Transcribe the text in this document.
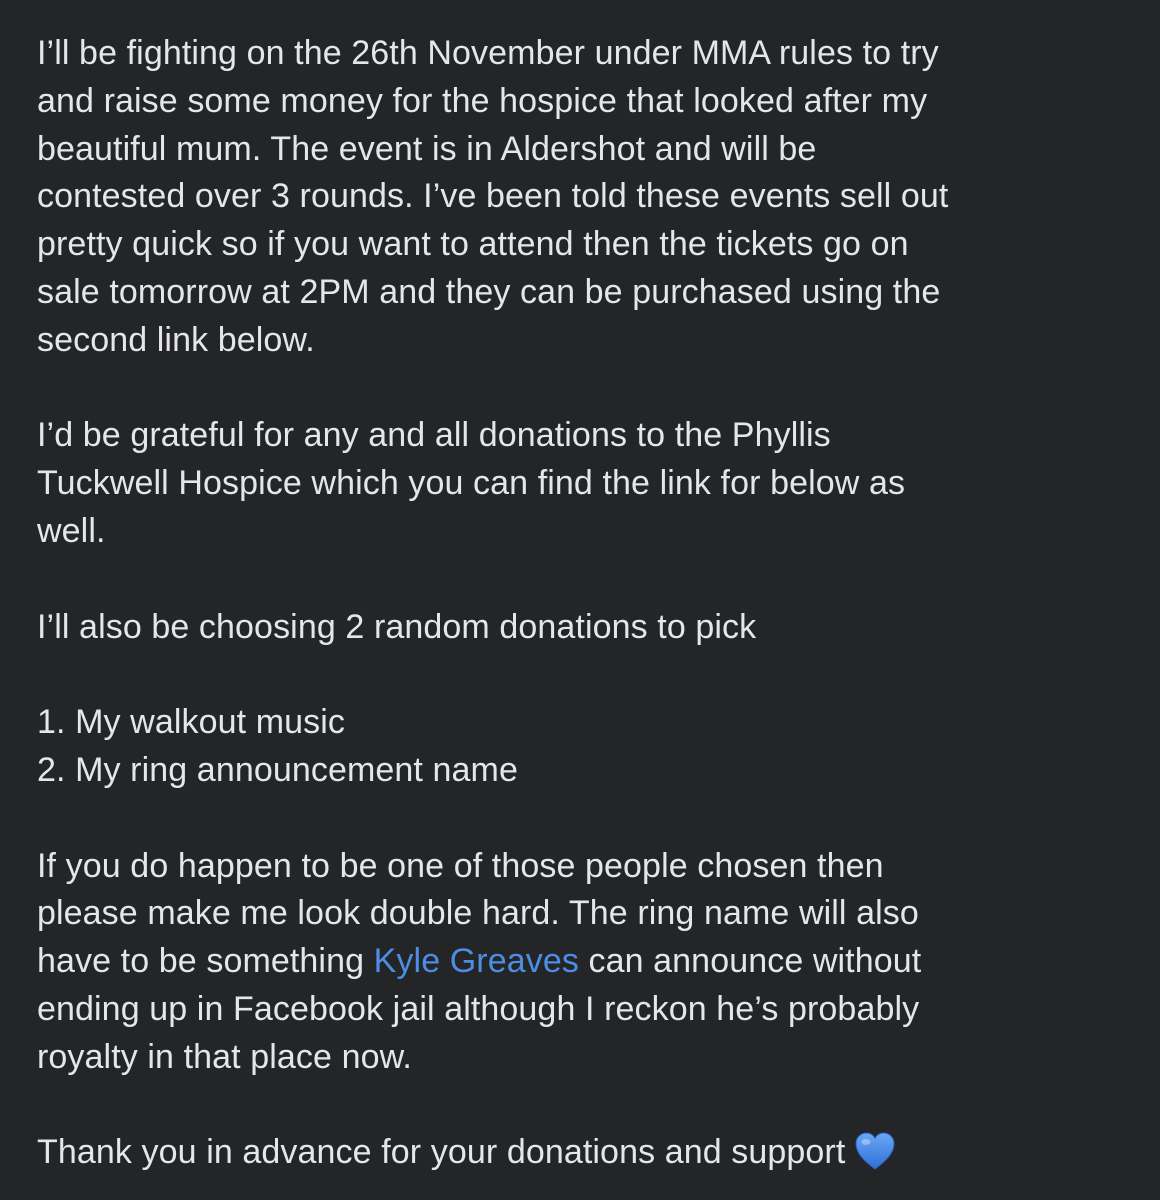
I’ll be fighting on the 26th November under MMA rules to try
and raise some money for the hospice that looked after my
beautiful mum. The event is in Aldershot and will be
contested over 3 rounds. I’ve been told these events sell out
pretty quick so if you want to attend then the tickets go on
sale tomorrow at 2PM and they can be purchased using the
second link below.

I’d be grateful for any and all donations to the Phyllis
Tuckwell Hospice which you can find the link for below as
well.

I’ll also be choosing 2 random donations to pick

1. My walkout music
2. My ring announcement name

If you do happen to be one of those people chosen then
please make me look double hard. The ring name will also
have to be something Kyle Greaves can announce without
ending up in Facebook jail although I reckon he’s probably
royalty in that place now.

Thank you in advance for your donations and support
